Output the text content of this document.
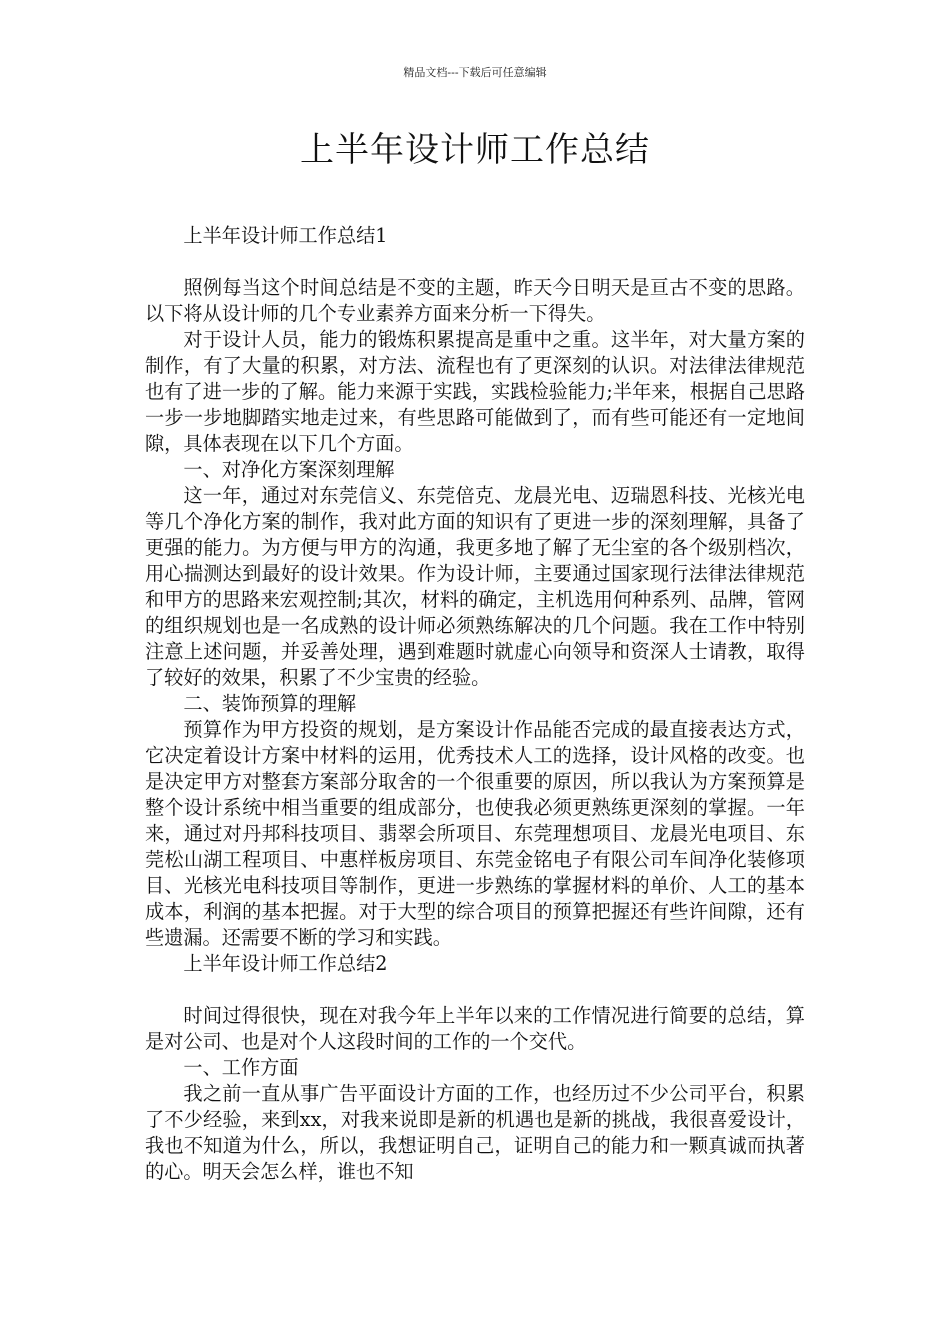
精品文档---下载后可任意编辑
上半年设计师工作总结

上半年设计师工作总结1

照例每当这个时间总结是不变的主题，昨天今日明天是亘古不变的思路。以下将从设计师的几个专业素养方面来分析一下得失。

对于设计人员，能力的锻炼积累提高是重中之重。这半年，对大量方案的制作，有了大量的积累，对方法、流程也有了更深刻的认识。对法律法律规范也有了进一步的了解。能力来源于实践，实践检验能力;半年来，根据自己思路一步一步地脚踏实地走过来，有些思路可能做到了，而有些可能还有一定地间隙，具体表现在以下几个方面。

一、对净化方案深刻理解

这一年，通过对东莞信义、东莞倍克、龙晨光电、迈瑞恩科技、光核光电等几个净化方案的制作，我对此方面的知识有了更进一步的深刻理解，具备了更强的能力。为方便与甲方的沟通，我更多地了解了无尘室的各个级别档次，用心揣测达到最好的设计效果。作为设计师，主要通过国家现行法律法律规范和甲方的思路来宏观控制;其次，材料的确定，主机选用何种系列、品牌，管网的组织规划也是一名成熟的设计师必须熟练解决的几个问题。我在工作中特别注意上述问题，并妥善处理，遇到难题时就虚心向领导和资深人士请教，取得了较好的效果，积累了不少宝贵的经验。

二、装饰预算的理解

预算作为甲方投资的规划，是方案设计作品能否完成的最直接表达方式，它决定着设计方案中材料的运用，优秀技术人工的选择，设计风格的改变。也是决定甲方对整套方案部分取舍的一个很重要的原因，所以我认为方案预算是整个设计系统中相当重要的组成部分，也使我必须更熟练更深刻的掌握。一年来，通过对丹邦科技项目、翡翠会所项目、东莞理想项目、龙晨光电项目、东莞松山湖工程项目、中惠样板房项目、东莞金铭电子有限公司车间净化装修项目、光核光电科技项目等制作，更进一步熟练的掌握材料的单价、人工的基本成本，利润的基本把握。对于大型的综合项目的预算把握还有些许间隙，还有些遗漏。还需要不断的学习和实践。

上半年设计师工作总结2

时间过得很快，现在对我今年上半年以来的工作情况进行简要的总结，算是对公司、也是对个人这段时间的工作的一个交代。

一、工作方面

我之前一直从事广告平面设计方面的工作，也经历过不少公司平台，积累了不少经验，来到xx，对我来说即是新的机遇也是新的挑战，我很喜爱设计，我也不知道为什么，所以，我想证明自己，证明自己的能力和一颗真诚而执著的心。明天会怎么样，谁也不知
